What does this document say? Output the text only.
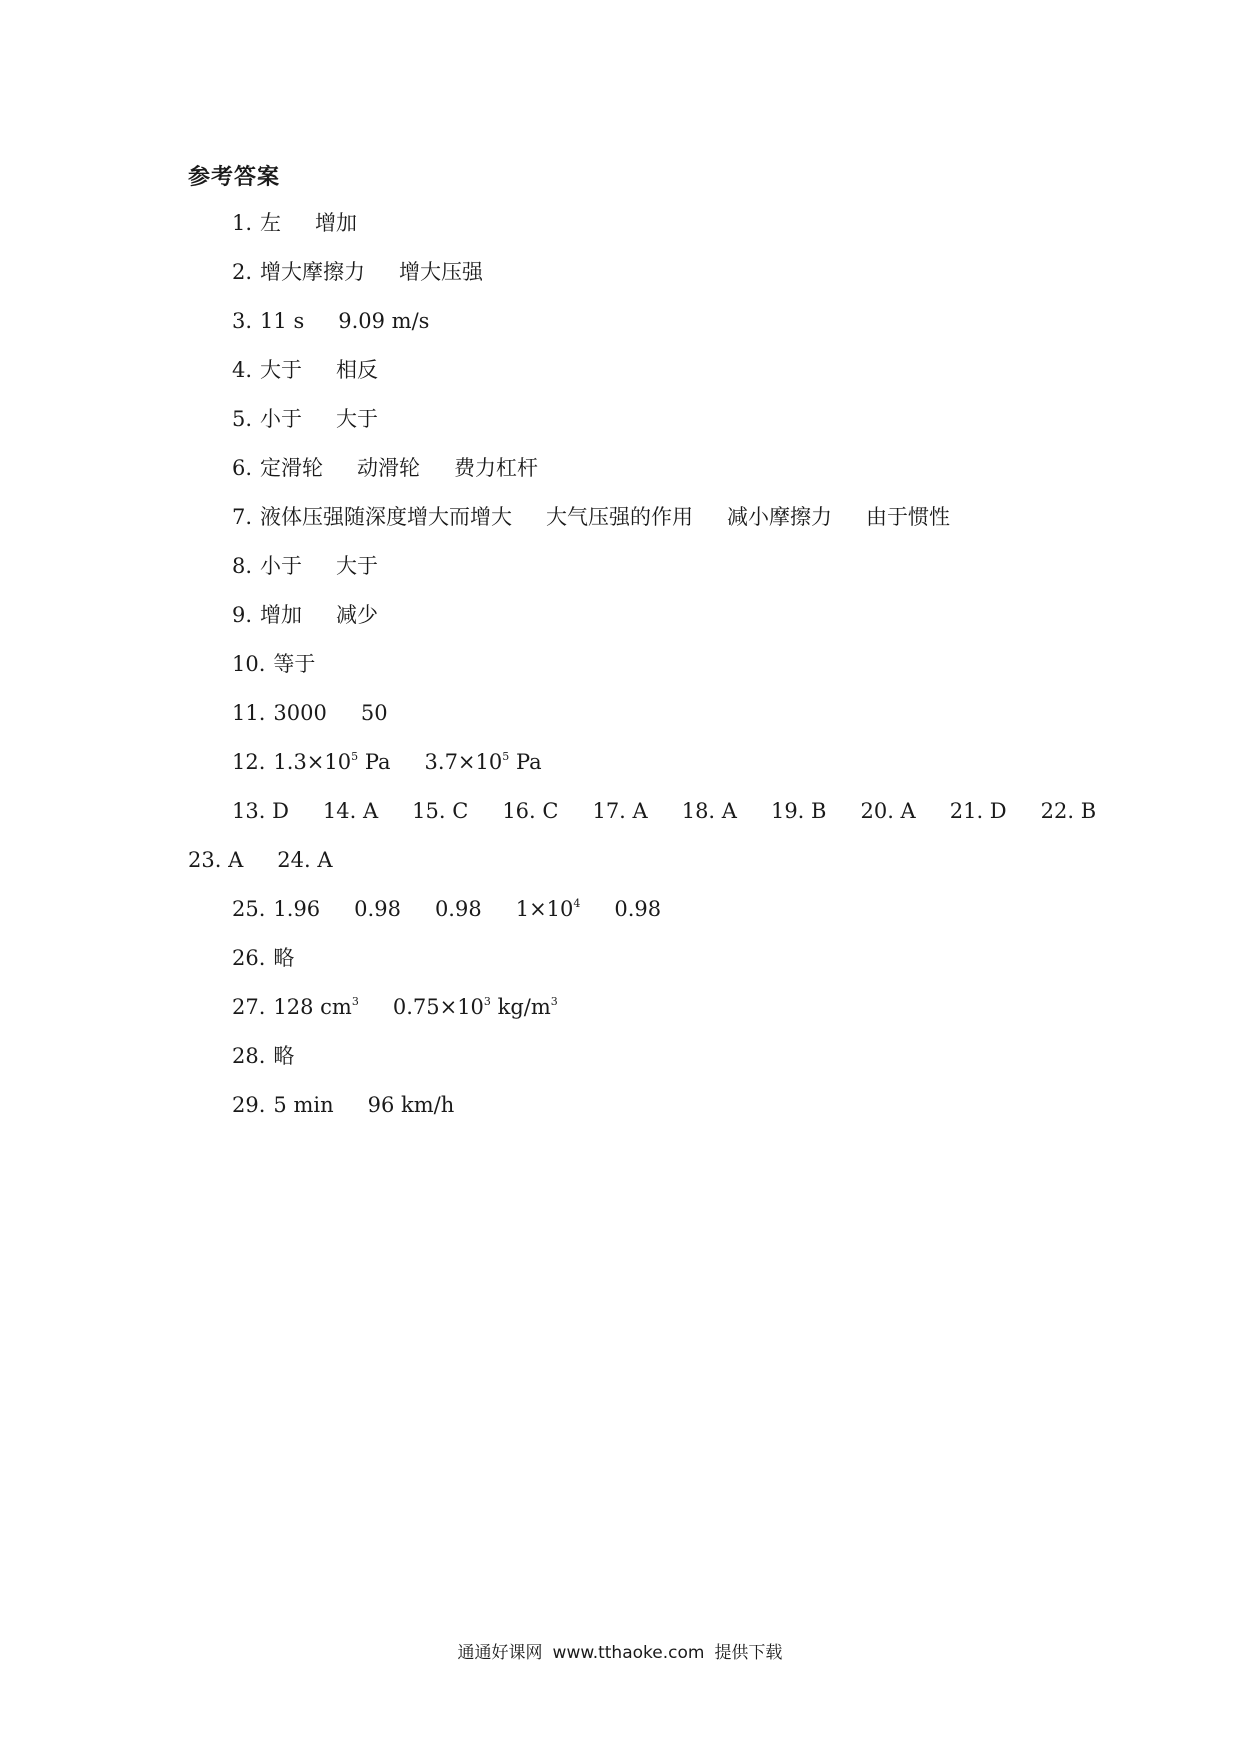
参考答案
1. 左 增加
2. 增大摩擦力 增大压强
3. 11 s 9.09 m/s
4. 大于 相反
5. 小于 大于
6. 定滑轮 动滑轮 费力杠杆
7. 液体压强随深度增大而增大 大气压强的作用 减小摩擦力 由于惯性
8. 小于 大于
9. 增加 减少
10. 等于
11. 3000 50
12. $1.3\times 10^5$ Pa $3.7\times 10^5$ Pa
13. D 14. A 15. C 16. C 17. A 18. A 19. B 20. A 21. D 22. B
23. A 24. A
25. 1.96 0.98 0.98 $1\times 10^4$ 0.98
26. 略
27. 128 $cm^3$ $0.75\times 10^3$ $kg/m^3$
28. 略
29. 5 min 96 km/h
通通好课网 www.tthaoke.com 提供下载
